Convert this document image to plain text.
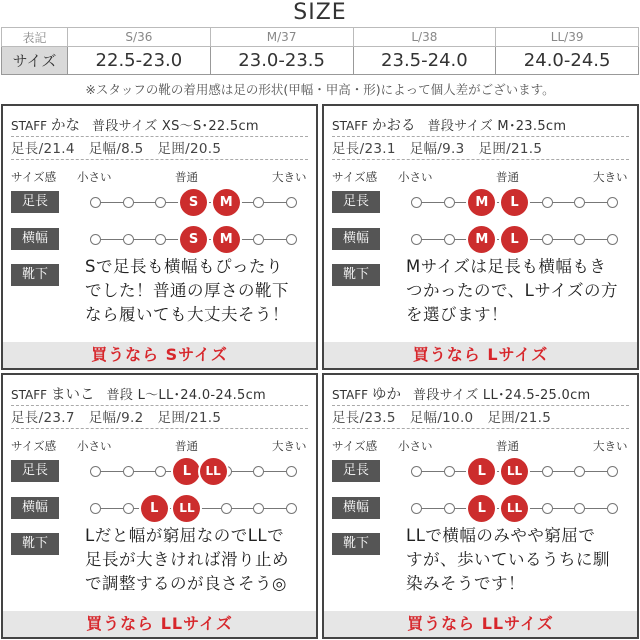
SIZE
表記	S/36	M/37	L/38	LL/39
サイズ	22.5-23.0	23.0-23.5	23.5-24.0	24.0-24.5
※スタッフの靴の着用感は足の形状(甲幅・甲高・形)によって個人差がございます。
STAFF かな 普段サイズ XS～S･22.5cm
足長/21.4 足幅/8.5 足囲/20.5
サイズ感 小さい	普通	大きい
足長	S	M
横幅	S	M
靴下	Sで足長も横幅もぴったり
でした！普通の厚さの靴下
なら履いても大丈夫そう！
買うなら Sサイズ
STAFF かおる 普段サイズ M･23.5cm
足長/23.1 足幅/9.3 足囲/21.5
サイズ感 小さい	普通	大きい
足長	M	L
横幅	M	L
靴下	Mサイズは足長も横幅もき
つかったので、Lサイズの方
を選びます！
買うなら Lサイズ
STAFF まいこ 普段 L～LL･24.0-24.5cm
足長/23.7 足幅/9.2 足囲/21.5
サイズ感 小さい	普通	大きい
足長	L	LL
横幅	L	LL
靴下	Lだと幅が窮屈なのでLLで
足長が大きければ滑り止め
で調整するのが良さそう◎
買うなら LLサイズ
STAFF ゆか 普段サイズ LL･24.5-25.0cm
足長/23.5 足幅/10.0 足囲/21.5
サイズ感 小さい	普通	大きい
足長	L	LL
横幅	L	LL
靴下	LLで横幅のみやや窮屈で
すが、歩いているうちに馴
染みそうです！
買うなら LLサイズ
